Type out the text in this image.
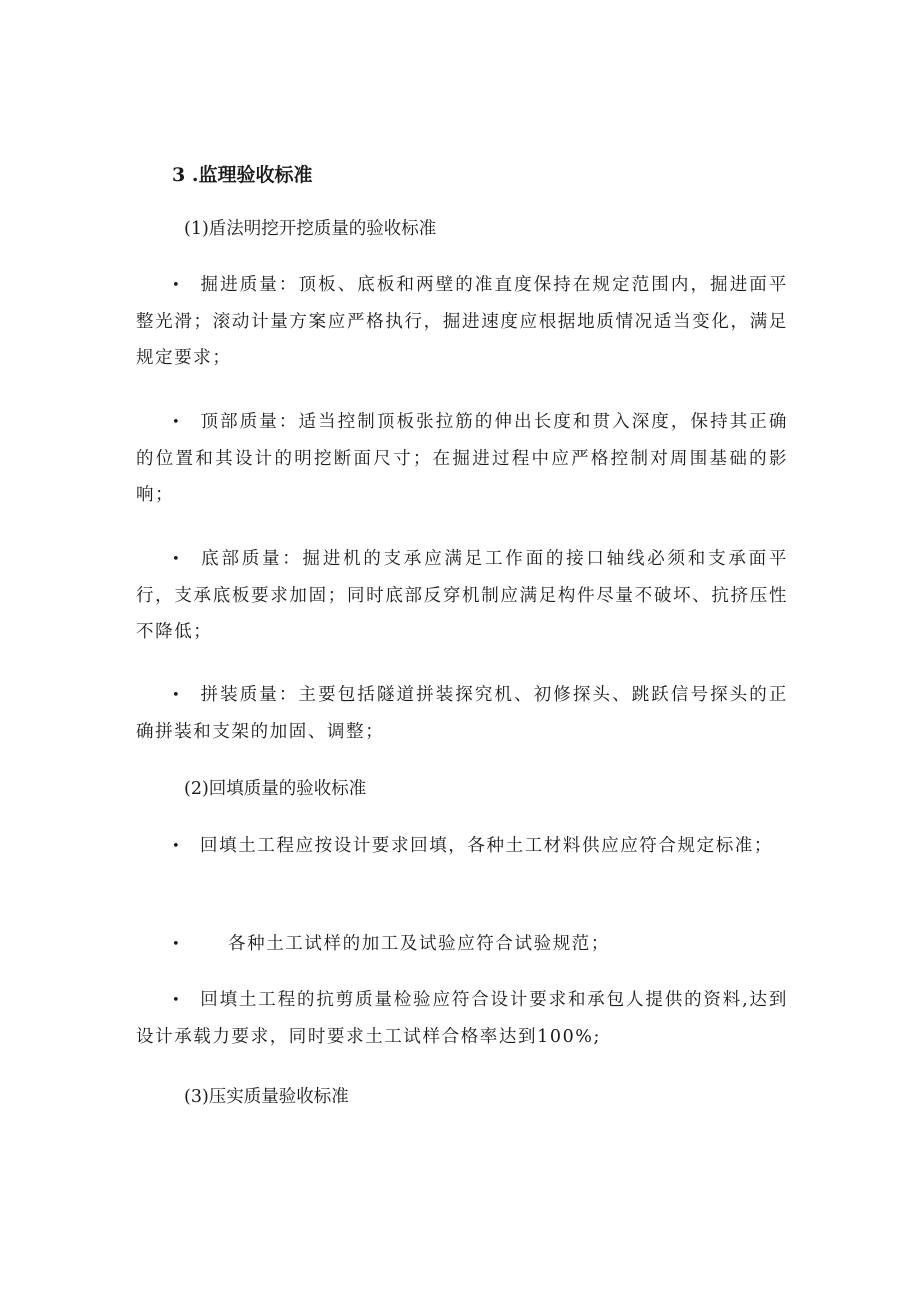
3 .监理验收标准
(1)盾法明挖开挖质量的验收标准
• 掘进质量：顶板、底板和两壁的准直度保持在规定范围内，掘进面平整光滑；滚动计量方案应严格执行，掘进速度应根据地质情况适当变化，满足规定要求；
• 顶部质量：适当控制顶板张拉筋的伸出长度和贯入深度，保持其正确的位置和其设计的明挖断面尺寸；在掘进过程中应严格控制对周围基础的影响；
• 底部质量：掘进机的支承应满足工作面的接口轴线必须和支承面平行，支承底板要求加固；同时底部反穿机制应满足构件尽量不破坏、抗挤压性不降低；
• 拼装质量：主要包括隧道拼装探究机、初修探头、跳跃信号探头的正确拼装和支架的加固、调整；
(2)回填质量的验收标准
• 回填土工程应按设计要求回填，各种土工材料供应应符合规定标准；
•	各种土工试样的加工及试验应符合试验规范；
• 回填土工程的抗剪质量检验应符合设计要求和承包人提供的资料,达到设计承载力要求，同时要求土工试样合格率达到100%;
(3)压实质量验收标准
